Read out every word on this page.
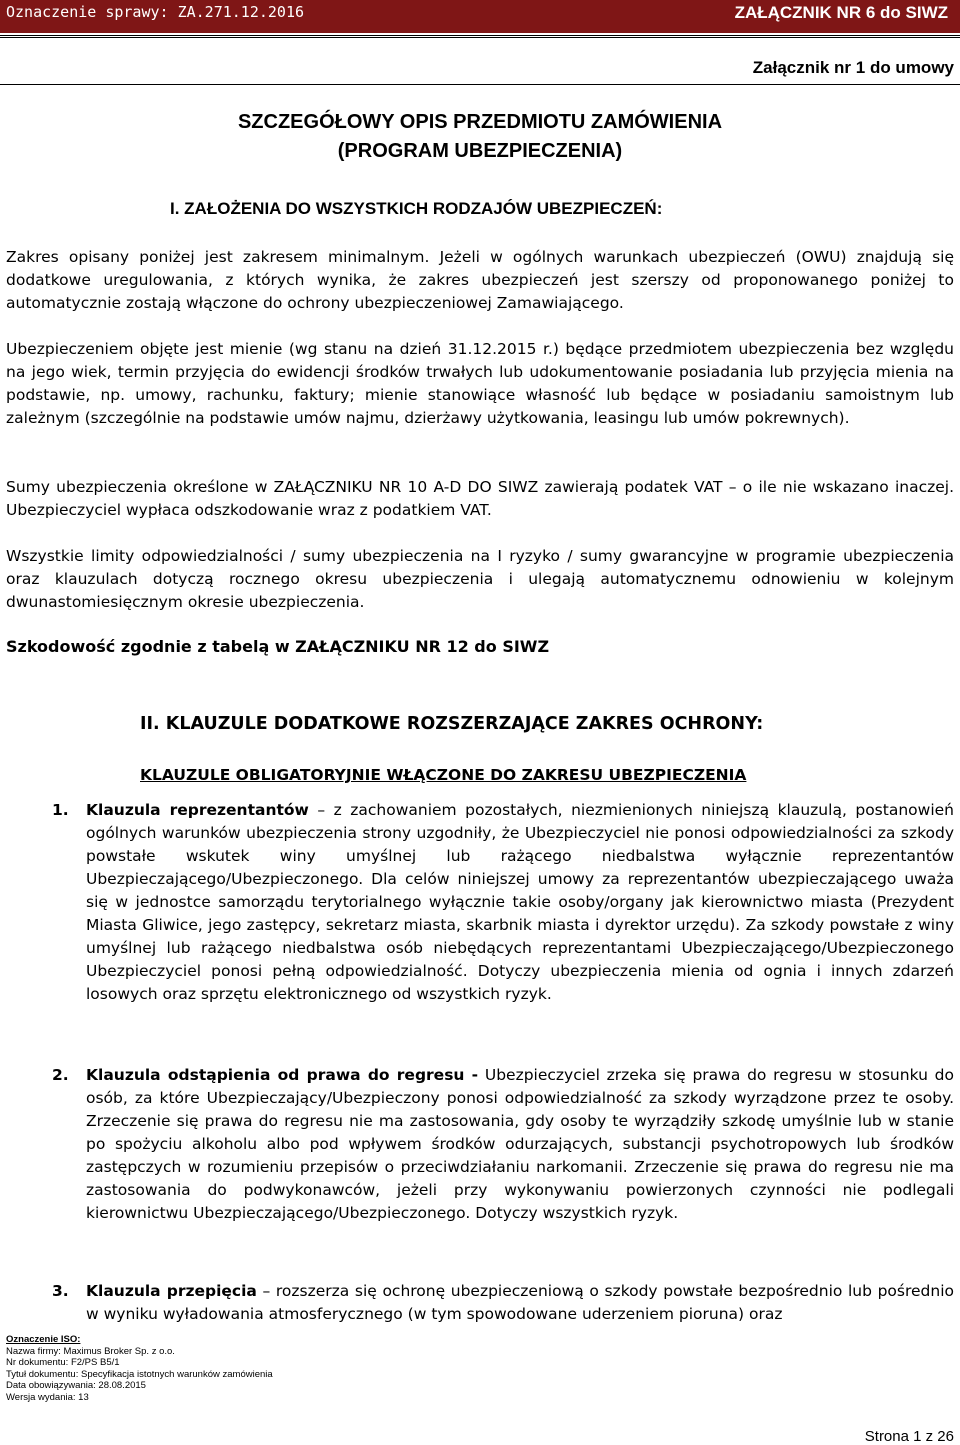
Oznaczenie sprawy: ZA.271.12.2016	ZAŁĄCZNIK NR 6 do SIWZ
Załącznik nr 1 do umowy
SZCZEGÓŁOWY OPIS PRZEDMIOTU ZAMÓWIENIA
(PROGRAM UBEZPIECZENIA)
I. ZAŁOŻENIA DO WSZYSTKICH RODZAJÓW UBEZPIECZEŃ:

Zakres opisany poniżej jest zakresem minimalnym. Jeżeli w ogólnych warunkach ubezpieczeń (OWU) znajdują się dodatkowe uregulowania, z których wynika, że zakres ubezpieczeń jest szerszy od proponowanego poniżej to automatycznie zostają włączone do ochrony ubezpieczeniowej Zamawiającego.

Ubezpieczeniem objęte jest mienie (wg stanu na dzień 31.12.2015 r.) będące przedmiotem ubezpieczenia bez względu na jego wiek, termin przyjęcia do ewidencji środków trwałych lub udokumentowanie posiadania lub przyjęcia mienia na podstawie, np. umowy, rachunku, faktury; mienie stanowiące własność lub będące w posiadaniu samoistnym lub zależnym (szczególnie na podstawie umów najmu, dzierżawy użytkowania, leasingu lub umów pokrewnych).

Sumy ubezpieczenia określone w ZAŁĄCZNIKU NR 10 A-D DO SIWZ zawierają podatek VAT – o ile nie wskazano inaczej. Ubezpieczyciel wypłaca odszkodowanie wraz z podatkiem VAT.

Wszystkie limity odpowiedzialności / sumy ubezpieczenia na I ryzyko / sumy gwarancyjne w programie ubezpieczenia oraz klauzulach dotyczą rocznego okresu ubezpieczenia i ulegają automatycznemu odnowieniu w kolejnym dwunastomiesięcznym okresie ubezpieczenia.

Szkodowość zgodnie z tabelą w ZAŁĄCZNIKU NR 12 do SIWZ
II. KLAUZULE DODATKOWE ROZSZERZAJĄCE ZAKRES OCHRONY:
KLAUZULE OBLIGATORYJNIE WŁĄCZONE DO ZAKRESU UBEZPIECZENIA
1. Klauzula reprezentantów – z zachowaniem pozostałych, niezmienionych niniejszą klauzulą, postanowień ogólnych warunków ubezpieczenia strony uzgodniły, że Ubezpieczyciel nie ponosi odpowiedzialności za szkody powstałe wskutek winy umyślnej lub rażącego niedbalstwa wyłącznie reprezentantów Ubezpieczającego/Ubezpieczonego. Dla celów niniejszej umowy za reprezentantów ubezpieczającego uważa się w jednostce samorządu terytorialnego wyłącznie takie osoby/organy jak kierownictwo miasta (Prezydent Miasta Gliwice, jego zastępcy, sekretarz miasta, skarbnik miasta i dyrektor urzędu). Za szkody powstałe z winy umyślnej lub rażącego niedbalstwa osób niebędących reprezentantami Ubezpieczającego/Ubezpieczonego Ubezpieczyciel ponosi pełną odpowiedzialność. Dotyczy ubezpieczenia mienia od ognia i innych zdarzeń losowych oraz sprzętu elektronicznego od wszystkich ryzyk.

2. Klauzula odstąpienia od prawa do regresu - Ubezpieczyciel zrzeka się prawa do regresu w stosunku do osób, za które Ubezpieczający/Ubezpieczony ponosi odpowiedzialność za szkody wyrządzone przez te osoby. Zrzeczenie się prawa do regresu nie ma zastosowania, gdy osoby te wyrządziły szkodę umyślnie lub w stanie po spożyciu alkoholu albo pod wpływem środków odurzających, substancji psychotropowych lub środków zastępczych w rozumieniu przepisów o przeciwdziałaniu narkomanii. Zrzeczenie się prawa do regresu nie ma zastosowania do podwykonawców, jeżeli przy wykonywaniu powierzonych czynności nie podlegali kierownictwu Ubezpieczającego/Ubezpieczonego. Dotyczy wszystkich ryzyk.

3. Klauzula przepięcia – rozszerza się ochronę ubezpieczeniową o szkody powstałe bezpośrednio lub pośrednio w wyniku wyładowania atmosferycznego (w tym spowodowane uderzeniem pioruna) oraz

Oznaczenie ISO:
Nazwa firmy: Maximus Broker Sp. z o.o.
Nr dokumentu: F2/PS B5/1
Tytuł dokumentu: Specyfikacja istotnych warunków zamówienia
Data obowiązywania: 28.08.2015
Wersja wydania: 13
Strona 1 z 26
